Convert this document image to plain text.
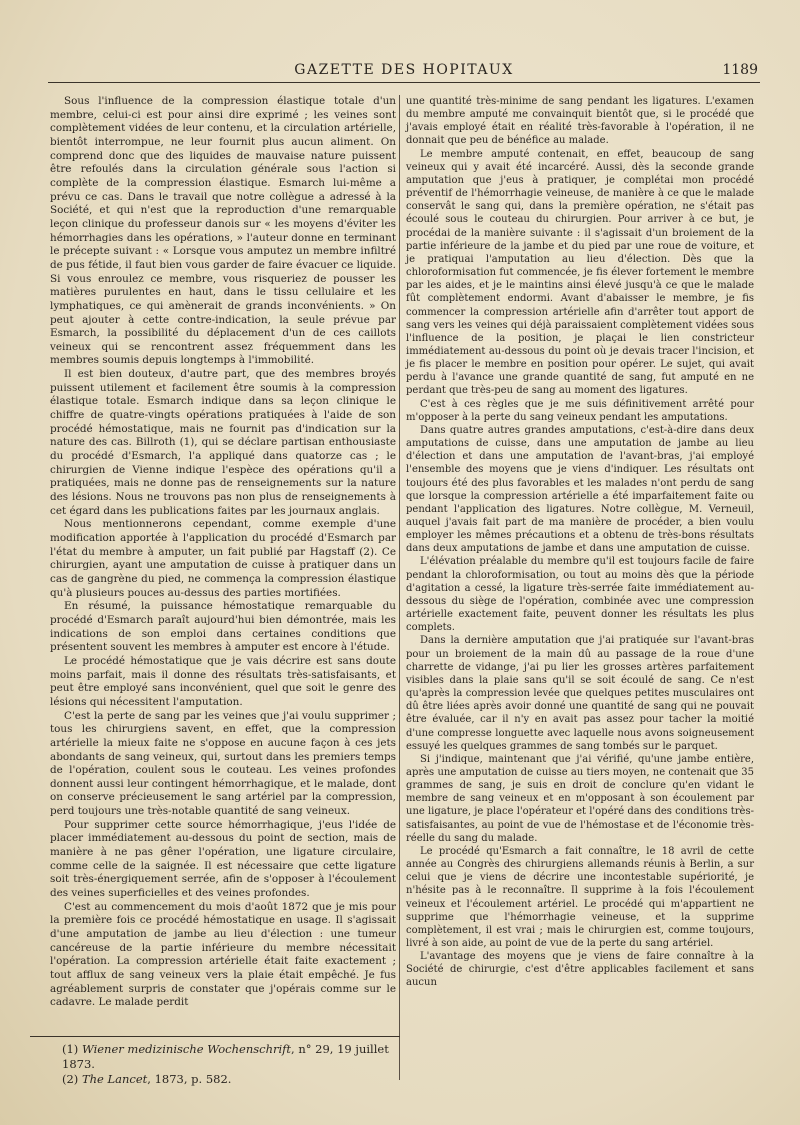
GAZETTE DES HOPITAUX	1189

Sous l'influence de la compression élastique totale d'un membre, celui-ci est pour ainsi dire exprimé ; les veines sont complètement vidées de leur contenu, et la circulation artérielle, bientôt interrompue, ne leur fournit plus aucun aliment. On comprend donc que des liquides de mauvaise nature puissent être refoulés dans la circulation générale sous l'action si complète de la compression élastique. Esmarch lui-même a prévu ce cas. Dans le travail que notre collègue a adressé à la Société, et qui n'est que la reproduction d'une remarquable leçon clinique du professeur danois sur « les moyens d'éviter les hémorrhagies dans les opérations, » l'auteur donne en terminant le précepte suivant : « Lorsque vous amputez un membre infiltré de pus fétide, il faut bien vous garder de faire évacuer ce liquide. Si vous enroulez ce membre, vous risqueriez de pousser les matières purulentes en haut, dans le tissu cellulaire et les lymphatiques, ce qui amènerait de grands inconvénients. » On peut ajouter à cette contre-indication, la seule prévue par Esmarch, la possibilité du déplacement d'un de ces caillots veineux qui se rencontrent assez fréquemment dans les membres soumis depuis longtemps à l'immobilité.

Il est bien douteux, d'autre part, que des membres broyés puissent utilement et facilement être soumis à la compression élastique totale. Esmarch indique dans sa leçon clinique le chiffre de quatre-vingts opérations pratiquées à l'aide de son procédé hémostatique, mais ne fournit pas d'indication sur la nature des cas. Billroth (1), qui se déclare partisan enthousiaste du procédé d'Esmarch, l'a appliqué dans quatorze cas ; le chirurgien de Vienne indique l'espèce des opérations qu'il a pratiquées, mais ne donne pas de renseignements sur la nature des lésions. Nous ne trouvons pas non plus de renseignements à cet égard dans les publications faites par les journaux anglais.

Nous mentionnerons cependant, comme exemple d'une modification apportée à l'application du procédé d'Esmarch par l'état du membre à amputer, un fait publié par Hagstaff (2). Ce chirurgien, ayant une amputation de cuisse à pratiquer dans un cas de gangrène du pied, ne commença la compression élastique qu'à plusieurs pouces au-dessus des parties mortifiées.

En résumé, la puissance hémostatique remarquable du procédé d'Esmarch paraît aujourd'hui bien démontrée, mais les indications de son emploi dans certaines conditions que présentent souvent les membres à amputer est encore à l'étude.

Le procédé hémostatique que je vais décrire est sans doute moins parfait, mais il donne des résultats très-satisfaisants, et peut être employé sans inconvénient, quel que soit le genre des lésions qui nécessitent l'amputation.

C'est la perte de sang par les veines que j'ai voulu supprimer ; tous les chirurgiens savent, en effet, que la compression artérielle la mieux faite ne s'oppose en aucune façon à ces jets abondants de sang veineux, qui, surtout dans les premiers temps de l'opération, coulent sous le couteau. Les veines profondes donnent aussi leur contingent hémorrhagique, et le malade, dont on conserve précieusement le sang artériel par la compression, perd toujours une très-notable quantité de sang veineux.

Pour supprimer cette source hémorrhagique, j'eus l'idée de placer immédiatement au-dessous du point de section, mais de manière à ne pas gêner l'opération, une ligature circulaire, comme celle de la saignée. Il est nécessaire que cette ligature soit très-énergiquement serrée, afin de s'opposer à l'écoulement des veines superficielles et des veines profondes.

C'est au commencement du mois d'août 1872 que je mis pour la première fois ce procédé hémostatique en usage. Il s'agissait d'une amputation de jambe au lieu d'élection : une tumeur cancéreuse de la partie inférieure du membre nécessitait l'opération. La compression artérielle était faite exactement ; tout afflux de sang veineux vers la plaie était empêché. Je fus agréablement surpris de constater que j'opérais comme sur le cadavre. Le malade perdit

une quantité très-minime de sang pendant les ligatures. L'examen du membre amputé me convainquit bientôt que, si le procédé que j'avais employé était en réalité très-favorable à l'opération, il ne donnait que peu de bénéfice au malade.

Le membre amputé contenait, en effet, beaucoup de sang veineux qui y avait été incarcéré. Aussi, dès la seconde grande amputation que j'eus à pratiquer, je complétai mon procédé préventif de l'hémorrhagie veineuse, de manière à ce que le malade conservât le sang qui, dans la première opération, ne s'était pas écoulé sous le couteau du chirurgien. Pour arriver à ce but, je procédai de la manière suivante : il s'agissait d'un broiement de la partie inférieure de la jambe et du pied par une roue de voiture, et je pratiquai l'amputation au lieu d'élection. Dès que la chloroformisation fut commencée, je fis élever fortement le membre par les aides, et je le maintins ainsi élevé jusqu'à ce que le malade fût complètement endormi. Avant d'abaisser le membre, je fis commencer la compression artérielle afin d'arrêter tout apport de sang vers les veines qui déjà paraissaient complètement vidées sous l'influence de la position, je plaçai le lien constricteur immédiatement au-dessous du point où je devais tracer l'incision, et je fis placer le membre en position pour opérer. Le sujet, qui avait perdu à l'avance une grande quantité de sang, fut amputé en ne perdant que très-peu de sang au moment des ligatures.

C'est à ces règles que je me suis définitivement arrêté pour m'opposer à la perte du sang veineux pendant les amputations.

Dans quatre autres grandes amputations, c'est-à-dire dans deux amputations de cuisse, dans une amputation de jambe au lieu d'élection et dans une amputation de l'avant-bras, j'ai employé l'ensemble des moyens que je viens d'indiquer. Les résultats ont toujours été des plus favorables et les malades n'ont perdu de sang que lorsque la compression artérielle a été imparfaitement faite ou pendant l'application des ligatures. Notre collègue, M. Verneuil, auquel j'avais fait part de ma manière de procéder, a bien voulu employer les mêmes précautions et a obtenu de très-bons résultats dans deux amputations de jambe et dans une amputation de cuisse.

L'élévation préalable du membre qu'il est toujours facile de faire pendant la chloroformisation, ou tout au moins dès que la période d'agitation a cessé, la ligature très-serrée faite immédiatement au-dessous du siège de l'opération, combinée avec une compression artérielle exactement faite, peuvent donner les résultats les plus complets.

Dans la dernière amputation que j'ai pratiquée sur l'avant-bras pour un broiement de la main dû au passage de la roue d'une charrette de vidange, j'ai pu lier les grosses artères parfaitement visibles dans la plaie sans qu'il se soit écoulé de sang. Ce n'est qu'après la compression levée que quelques petites musculaires ont dû être liées après avoir donné une quantité de sang qui ne pouvait être évaluée, car il n'y en avait pas assez pour tacher la moitié d'une compresse longuette avec laquelle nous avons soigneusement essuyé les quelques grammes de sang tombés sur le parquet.

Si j'indique, maintenant que j'ai vérifié, qu'une jambe entière, après une amputation de cuisse au tiers moyen, ne contenait que 35 grammes de sang, je suis en droit de conclure qu'en vidant le membre de sang veineux et en m'opposant à son écoulement par une ligature, je place l'opérateur et l'opéré dans des conditions très-satisfaisantes, au point de vue de l'hémostase et de l'économie très-réelle du sang du malade.

Le procédé qu'Esmarch a fait connaître, le 18 avril de cette année au Congrès des chirurgiens allemands réunis à Berlin, a sur celui que je viens de décrire une incontestable supériorité, je n'hésite pas à le reconnaître. Il supprime à la fois l'écoulement veineux et l'écoulement artériel. Le procédé qui m'appartient ne supprime que l'hémorrhagie veineuse, et la supprime complètement, il est vrai ; mais le chirurgien est, comme toujours, livré à son aide, au point de vue de la perte du sang artériel.

L'avantage des moyens que je viens de faire connaître à la Société de chirurgie, c'est d'être applicables facilement et sans aucun

(1) Wiener medizinische Wochenschrift, n° 29, 19 juillet 1873.
(2) The Lancet, 1873, p. 582.
